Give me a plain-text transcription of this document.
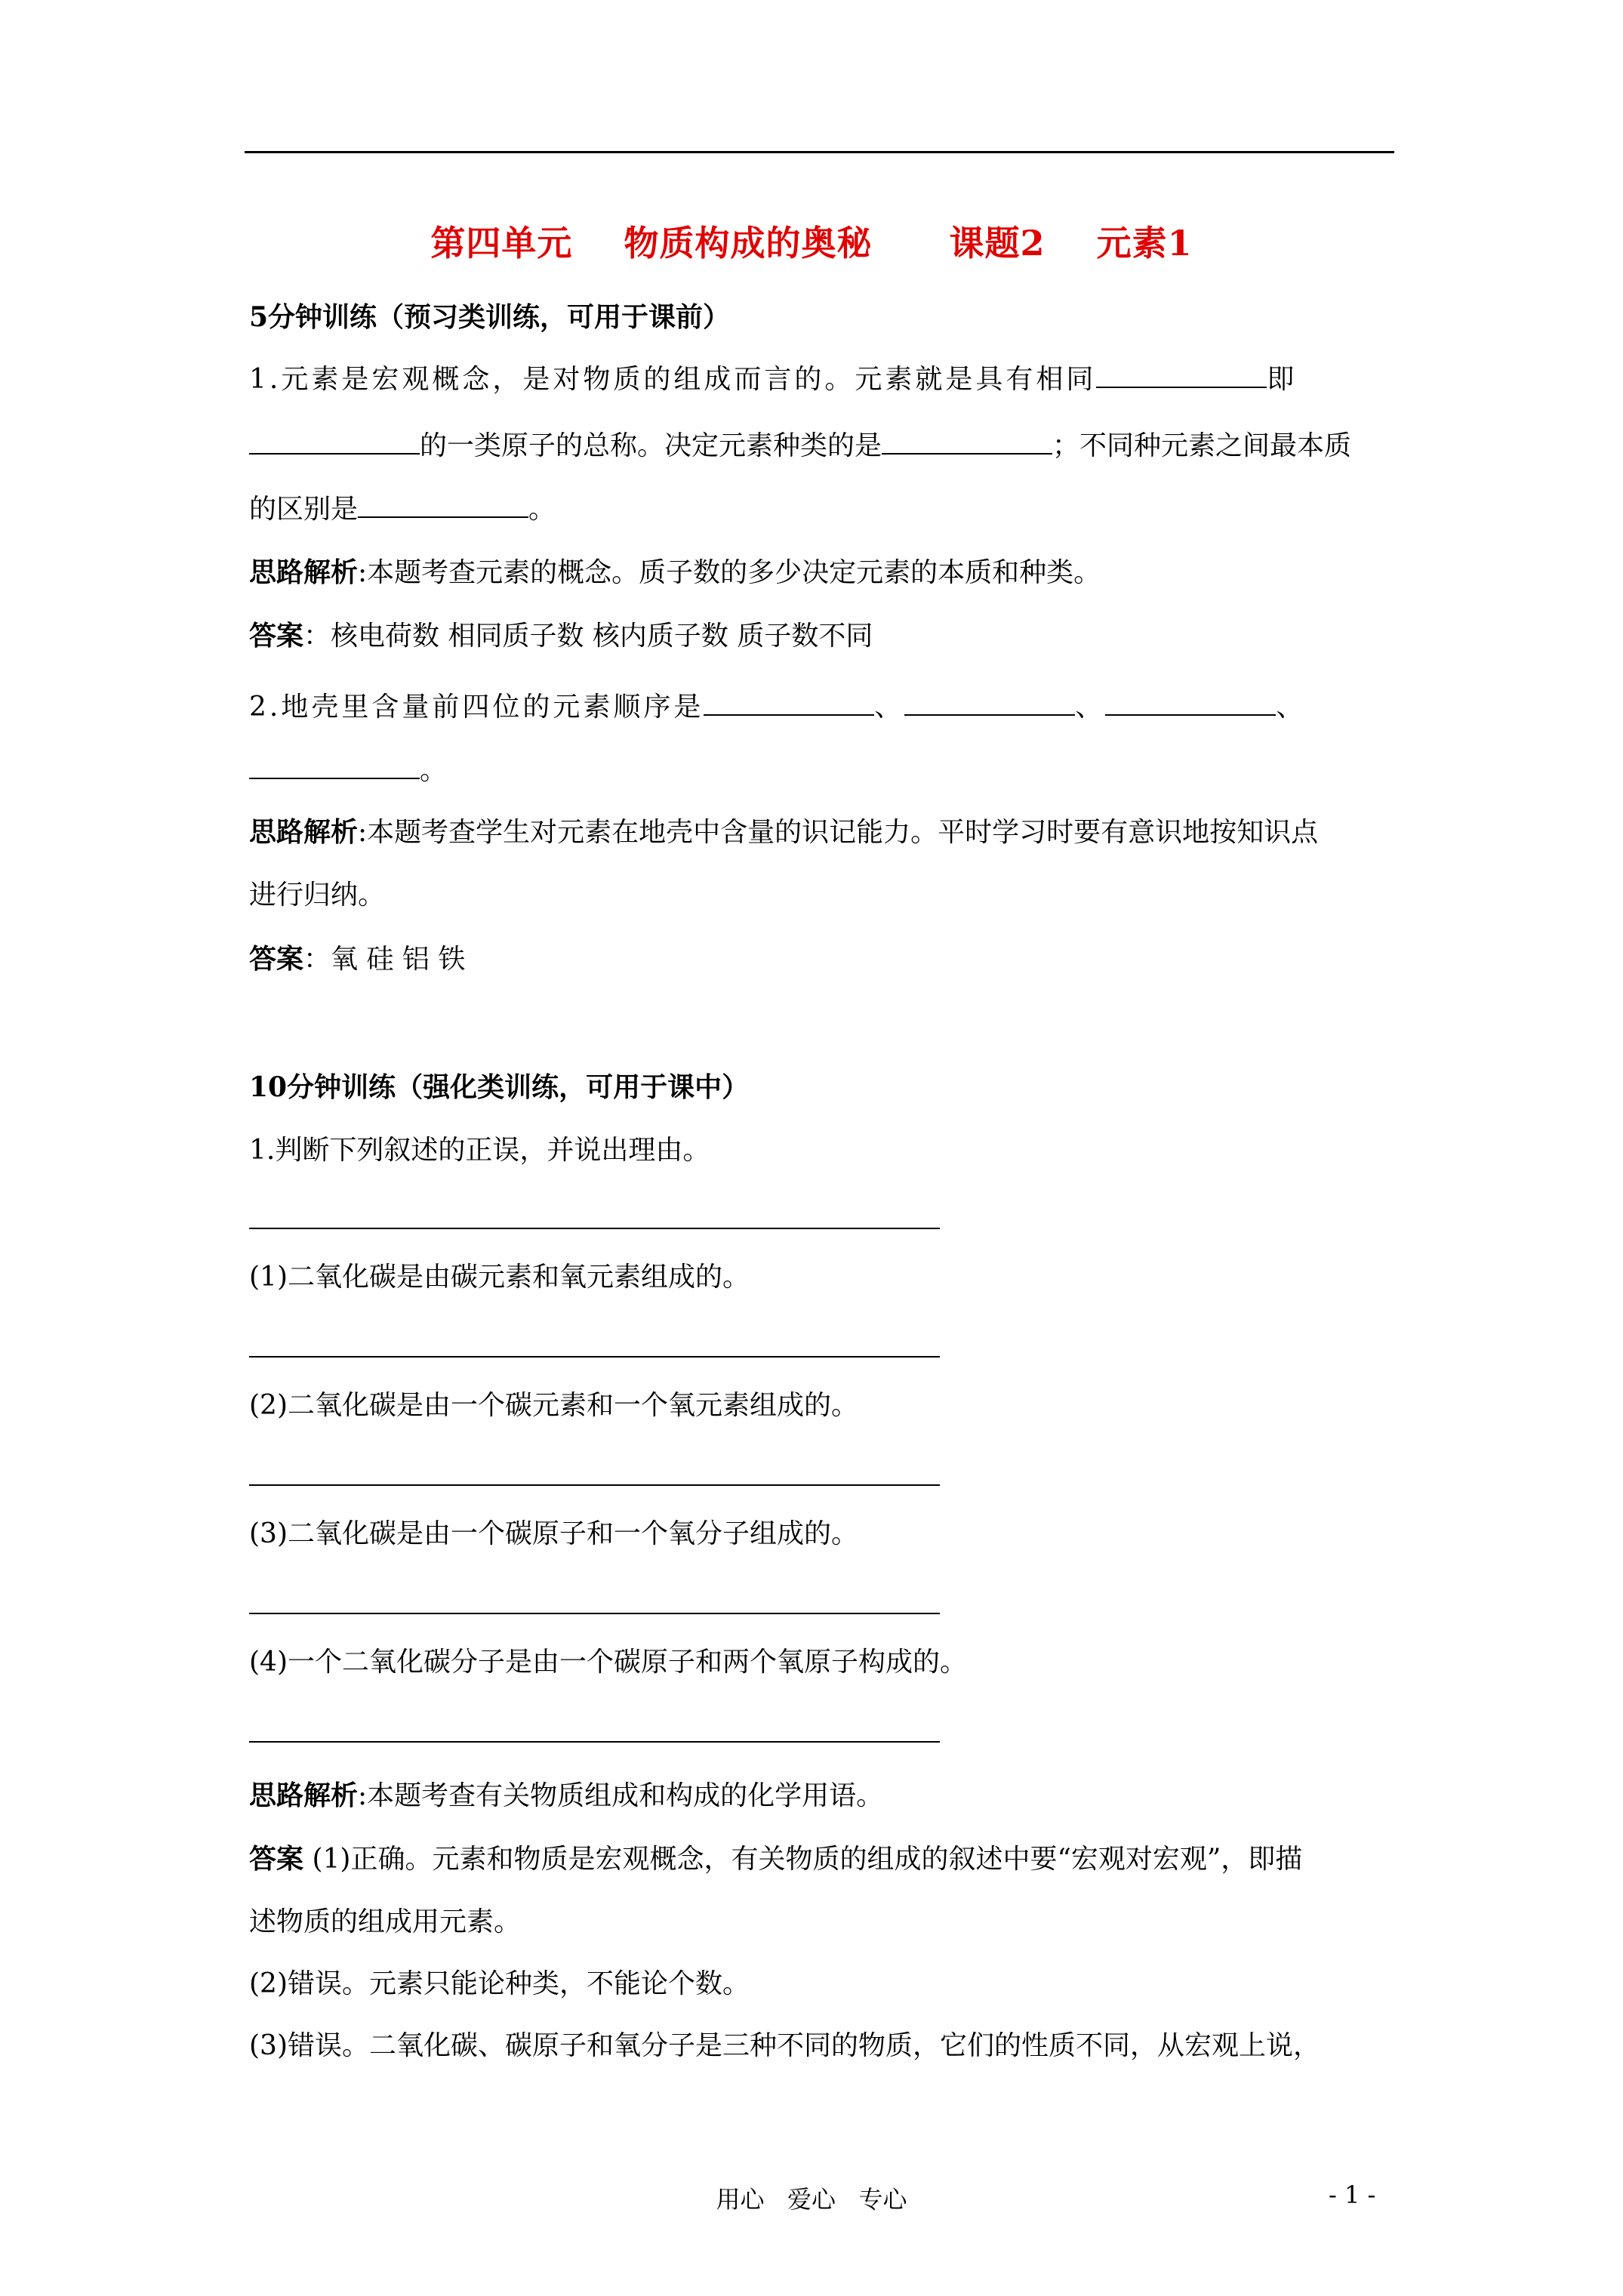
第四单元    物质构成的奥秘      课题2    元素1
5分钟训练（预习类训练，可用于课前）
1.元素是宏观概念，是对物质的组成而言的。元素就是具有相同	即
的一类原子的总称。决定元素种类的是	；不同种元素之间最本质
的区别是	。
思路解析:本题考查元素的概念。质子数的多少决定元素的本质和种类。
答案：核电荷数 相同质子数 核内质子数 质子数不同
2.地壳里含量前四位的元素顺序是	、	、	、
。
思路解析:本题考查学生对元素在地壳中含量的识记能力。平时学习时要有意识地按知识点
进行归纳。
答案：氧 硅 铝 铁
10分钟训练（强化类训练，可用于课中）
1.判断下列叙述的正误，并说出理由。
(1)二氧化碳是由碳元素和氧元素组成的。
(2)二氧化碳是由一个碳元素和一个氧元素组成的。
(3)二氧化碳是由一个碳原子和一个氧分子组成的。
(4)一个二氧化碳分子是由一个碳原子和两个氧原子构成的。
思路解析:本题考查有关物质组成和构成的化学用语。
答案 (1)正确。元素和物质是宏观概念，有关物质的组成的叙述中要“宏观对宏观”，即描
述物质的组成用元素。
(2)错误。元素只能论种类，不能论个数。
(3)错误。二氧化碳、碳原子和氧分子是三种不同的物质，它们的性质不同，从宏观上说，
用心   爱心   专心	- 1 -
